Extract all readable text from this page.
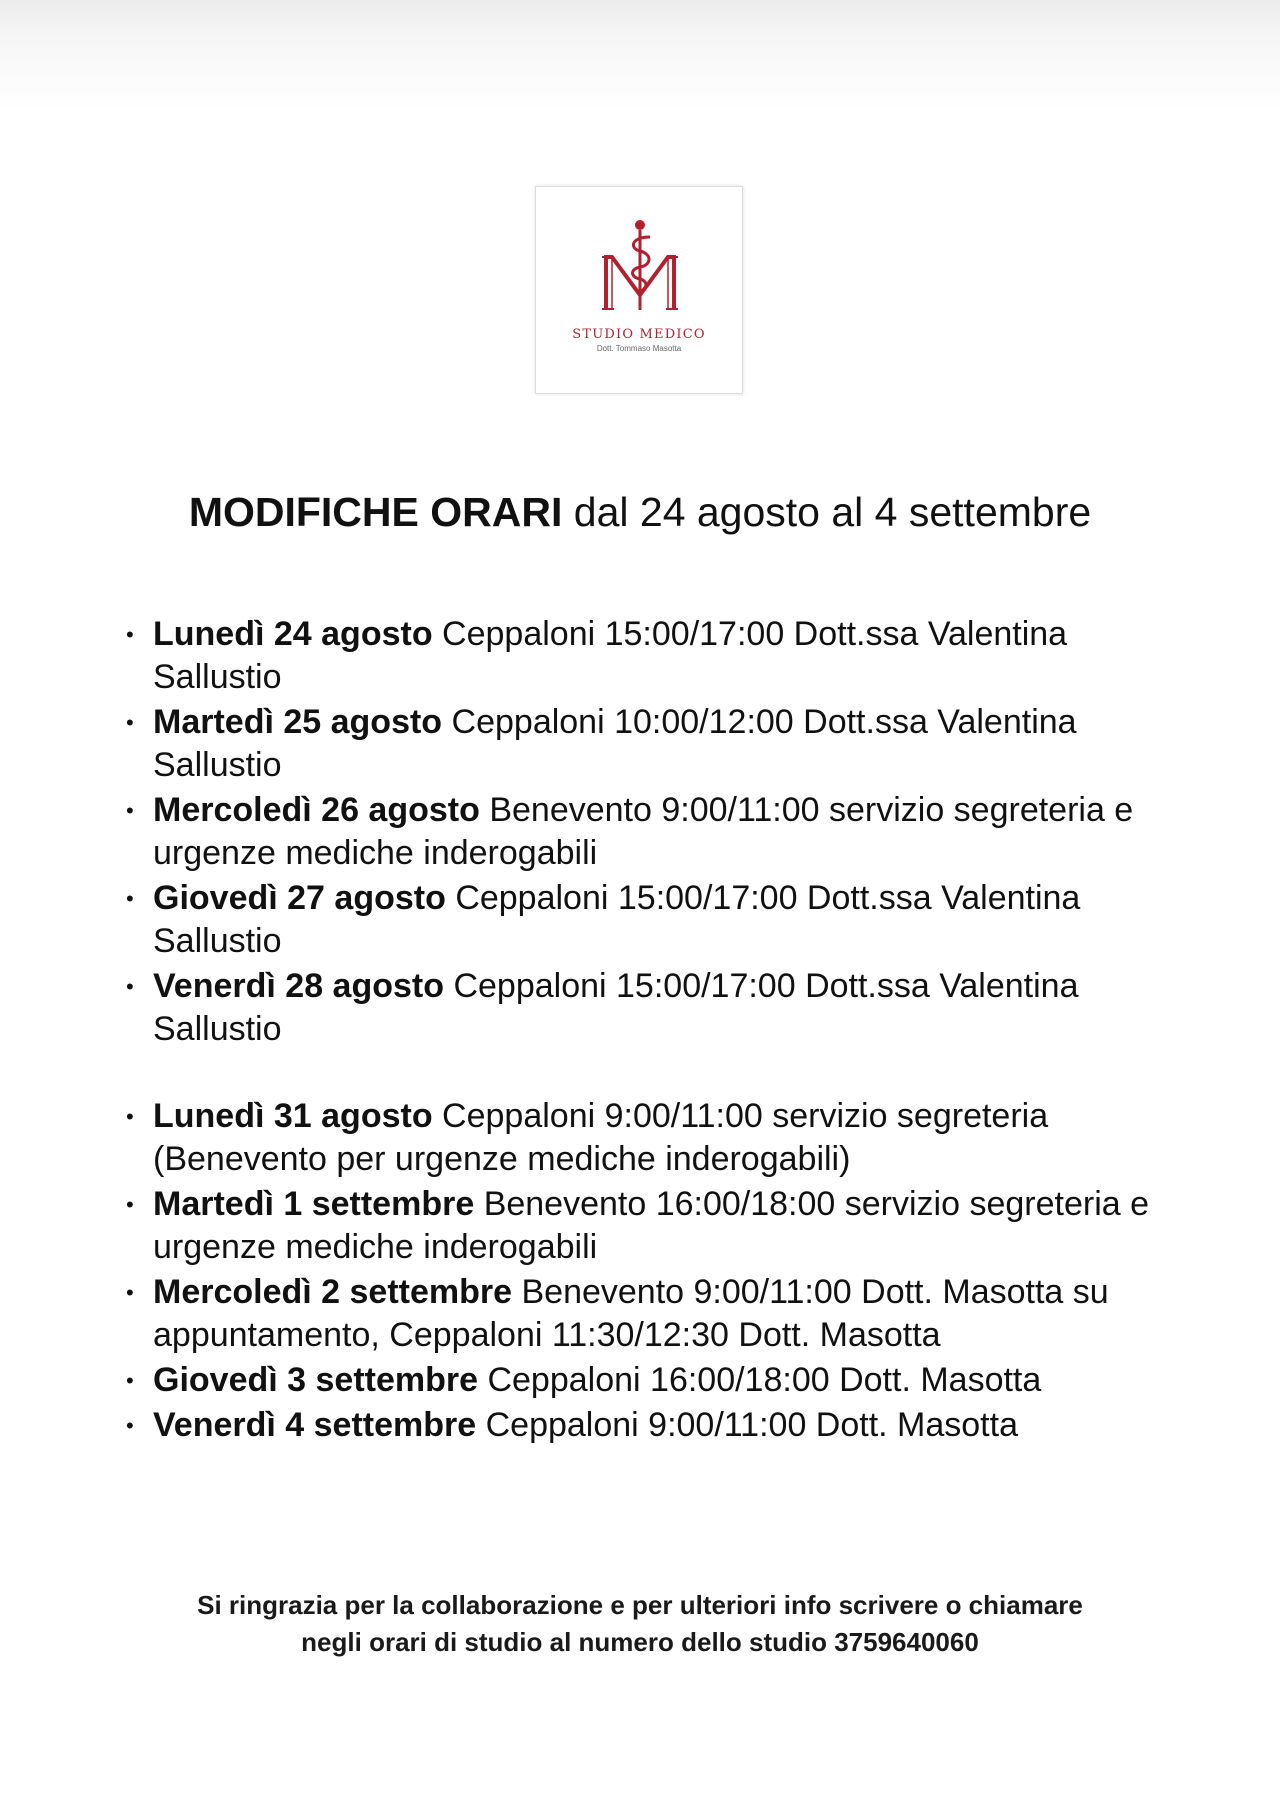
STUDIO MEDICO
Dott. Tommaso Masotta
MODIFICHE ORARI dal 24 agosto al 4 settembre
• Lunedì 24 agosto Ceppaloni 15:00/17:00 Dott.ssa Valentina Sallustio
• Martedì 25 agosto Ceppaloni 10:00/12:00 Dott.ssa Valentina Sallustio
• Mercoledì 26 agosto Benevento 9:00/11:00 servizio segreteria e urgenze mediche inderogabili
• Giovedì 27 agosto Ceppaloni 15:00/17:00 Dott.ssa Valentina Sallustio
• Venerdì 28 agosto Ceppaloni 15:00/17:00 Dott.ssa Valentina Sallustio
• Lunedì 31 agosto Ceppaloni 9:00/11:00 servizio segreteria (Benevento per urgenze mediche inderogabili)
• Martedì 1 settembre Benevento 16:00/18:00 servizio segreteria e urgenze mediche inderogabili
• Mercoledì 2 settembre Benevento 9:00/11:00 Dott. Masotta su appuntamento, Ceppaloni 11:30/12:30 Dott. Masotta
• Giovedì 3 settembre Ceppaloni 16:00/18:00 Dott. Masotta
• Venerdì 4 settembre Ceppaloni 9:00/11:00 Dott. Masotta
Si ringrazia per la collaborazione e per ulteriori info scrivere o chiamare
negli orari di studio al numero dello studio 3759640060
